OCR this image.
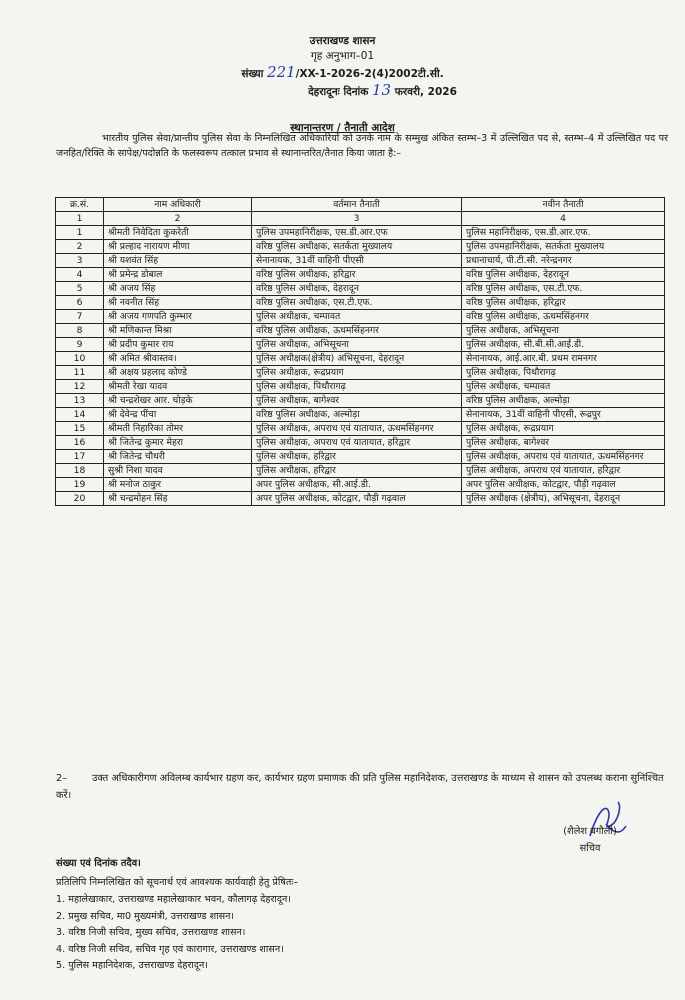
उत्तराखण्ड शासन
गृह अनुभाग–01
संख्या 221/XX-1-2026-2(4)2002टी.सी.
देहरादूनः दिनांक 13 फरवरी, 2026
स्थानान्तरण / तैनाती आदेश
भारतीय पुलिस सेवा/प्रान्तीय पुलिस सेवा के निम्नलिखित अधिकारियों को उनके नाम के सम्मुख अंकित स्तम्भ–3 में उल्लिखित पद से, स्तम्भ–4 में उल्लिखित पद पर जनहित/रिक्ति के सापेक्ष/पदोन्नति के फलस्वरूप तत्काल प्रभाव से स्थानान्तरित/तैनात किया जाता है:–
क्र.सं.	नाम अधिकारी	वर्तमान तैनाती	नवीन तैनाती
1	2	3	4
1	श्रीमती निवेदिता कुकरेती	पुलिस उपमहानिरीक्षक, एस.डी.आर.एफ	पुलिस महानिरीक्षक, एस.डी.आर.एफ.
2	श्री प्रल्हाद नारायण मीणा	वरिष्ठ पुलिस अधीक्षक, सतर्कता मुख्यालय	पुलिस उपमहानिरीक्षक, सतर्कता मुख्यालय
3	श्री यशवंत सिंह	सेनानायक, 31वीं वाहिनी पीएसी	प्रधानाचार्य, पी.टी.सी. नरेन्द्रनगर
4	श्री प्रमेन्द्र डोबाल	वरिष्ठ पुलिस अधीक्षक, हरिद्वार	वरिष्ठ पुलिस अधीक्षक, देहरादून
5	श्री अजय सिंह	वरिष्ठ पुलिस अधीक्षक, देहरादून	वरिष्ठ पुलिस अधीक्षक, एस.टी.एफ.
6	श्री नवनीत सिंह	वरिष्ठ पुलिस अधीक्षक, एस.टी.एफ.	वरिष्ठ पुलिस अधीक्षक, हरिद्वार
7	श्री अजय गणपति कुम्भार	पुलिस अधीक्षक, चम्पावत	वरिष्ठ पुलिस अधीक्षक, ऊधमसिंहनगर
8	श्री मणिकान्त मिश्रा	वरिष्ठ पुलिस अधीक्षक, ऊधमसिंहनगर	पुलिस अधीक्षक, अभिसूचना
9	श्री प्रदीप कुमार राय	पुलिस अधीक्षक, अभिसूचना	पुलिस अधीक्षक, सी.बी.सी.आई.डी.
10	श्री अमित श्रीवास्तव।	पुलिस अधीक्षक(क्षेत्रीय) अभिसूचना, देहरादून	सेनानायक, आई.आर.बी. प्रथम रामनगर
11	श्री अक्षय प्रहलाद कोण्डे	पुलिस अधीक्षक, रूद्रप्रयाग	पुलिस अधीक्षक, पिथौरागढ़
12	श्रीमती रेखा यादव	पुलिस अधीक्षक, पिथौरागढ़	पुलिस अधीक्षक, चम्पावत
13	श्री चन्द्रशेखर आर. घोड़के	पुलिस अधीक्षक, बागेश्वर	वरिष्ठ पुलिस अधीक्षक, अल्मोड़ा
14	श्री देवेन्द्र पींचा	वरिष्ठ पुलिस अधीक्षक, अल्मोड़ा	सेनानायक, 31वीं वाहिनी पीएसी, रूद्रपुर
15	श्रीमती निहारिका तोमर	पुलिस अधीक्षक, अपराध एवं यातायात, ऊधमसिंहनगर	पुलिस अधीक्षक, रूद्रप्रयाग
16	श्री जितेन्द्र कुमार मेहरा	पुलिस अधीक्षक, अपराध एवं यातायात, हरिद्वार	पुलिस अधीक्षक, बागेश्वर
17	श्री जितेन्द्र चौधरी	पुलिस अधीक्षक, हरिद्वार	पुलिस अधीक्षक, अपराध एवं यातायात, ऊधमसिंहनगर
18	सुश्री निशा यादव	पुलिस अधीक्षक, हरिद्वार	पुलिस अधीक्षक, अपराध एवं यातायात, हरिद्वार
19	श्री मनोज ठाकुर	अपर पुलिस अधीक्षक, सी.आई.डी.	अपर पुलिस अधीक्षक, कोटद्वार, पौड़ी गढ़वाल
20	श्री चन्द्रमोहन सिंह	अपर पुलिस अधीक्षक, कोटद्वार, पौड़ी गढ़वाल	पुलिस अधीक्षक (क्षेत्रीय), अभिसूचना, देहरादून
2–	उक्त अधिकारीगण अविलम्ब कार्यभार ग्रहण कर, कार्यभार ग्रहण प्रमाणक की प्रति पुलिस महानिदेशक, उत्तराखण्ड के माध्यम से शासन को उपलब्ध कराना सुनिश्चित करें।
(शैलेश बगौली)
सचिव
संख्या एवं दिनांक तदैव।
प्रतिलिपि निम्नलिखित को सूचनार्थ एवं आवश्यक कार्यवाही हेतु प्रेषितः–
1. महालेखाकार, उत्तराखण्ड महालेखाकार भवन, कौलागढ़ देहरादून।
2. प्रमुख सचिव, मा0 मुख्यमंत्री, उत्तराखण्ड शासन।
3. वरिष्ठ निजी सचिव, मुख्य सचिव, उत्तराखण्ड शासन।
4. वरिष्ठ निजी सचिव, सचिव गृह एवं कारागार, उत्तराखण्ड शासन।
5. पुलिस महानिदेशक, उत्तराखण्ड देहरादून।
